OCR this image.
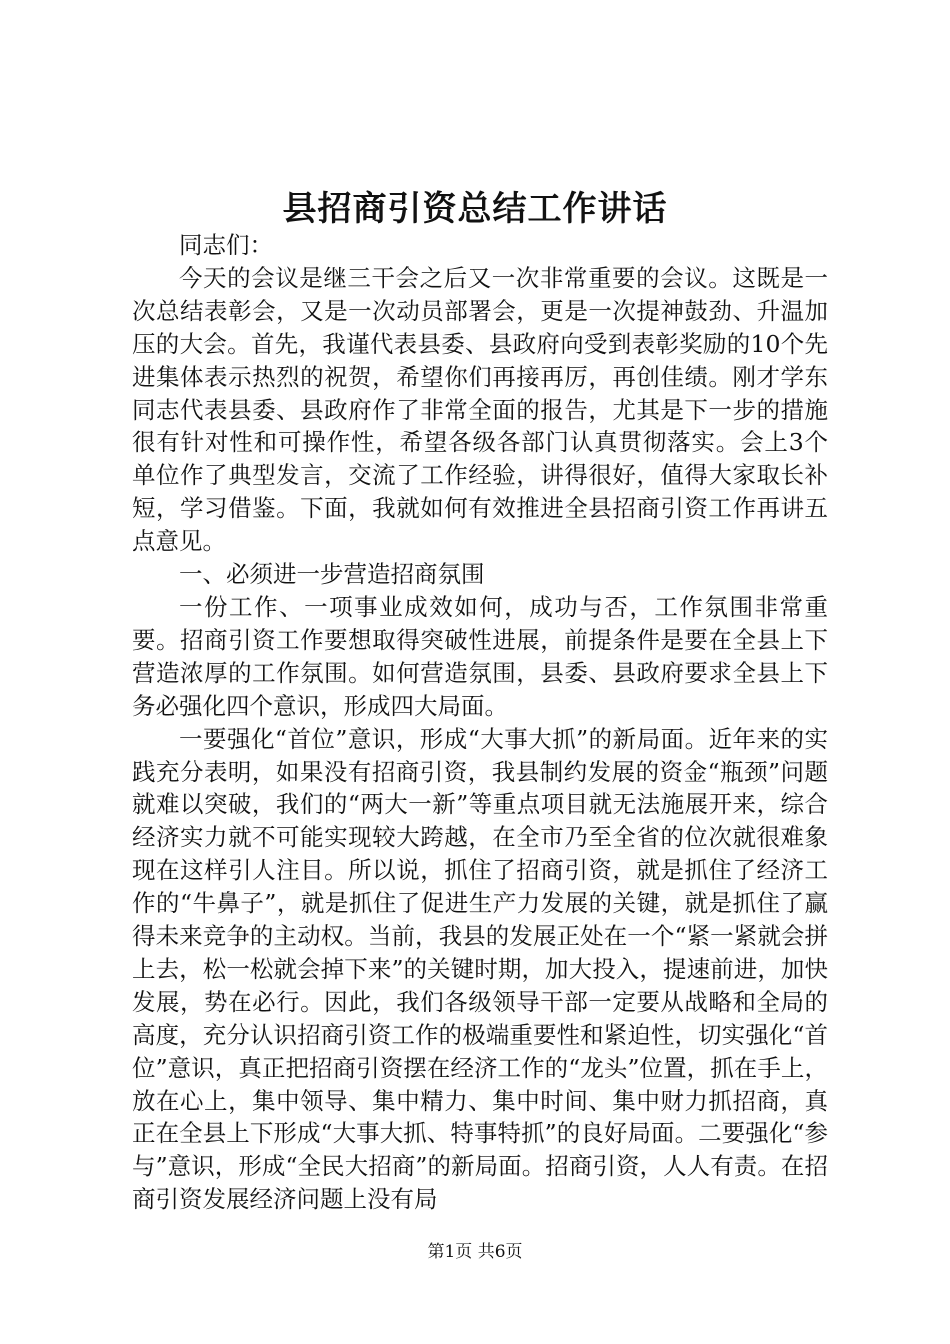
县招商引资总结工作讲话

同志们：

今天的会议是继三干会之后又一次非常重要的会议。这既是一次总结表彰会，又是一次动员部署会，更是一次提神鼓劲、升温加压的大会。首先，我谨代表县委、县政府向受到表彰奖励的10个先进集体表示热烈的祝贺，希望你们再接再厉，再创佳绩。刚才学东同志代表县委、县政府作了非常全面的报告，尤其是下一步的措施很有针对性和可操作性，希望各级各部门认真贯彻落实。会上3个单位作了典型发言，交流了工作经验，讲得很好，值得大家取长补短，学习借鉴。下面，我就如何有效推进全县招商引资工作再讲五点意见。

一、必须进一步营造招商氛围

一份工作、一项事业成效如何，成功与否，工作氛围非常重要。招商引资工作要想取得突破性进展，前提条件是要在全县上下营造浓厚的工作氛围。如何营造氛围，县委、县政府要求全县上下务必强化四个意识，形成四大局面。

一要强化“首位”意识，形成“大事大抓”的新局面。近年来的实践充分表明，如果没有招商引资，我县制约发展的资金“瓶颈”问题就难以突破，我们的“两大一新”等重点项目就无法施展开来，综合经济实力就不可能实现较大跨越，在全市乃至全省的位次就很难象现在这样引人注目。所以说，抓住了招商引资，就是抓住了经济工作的“牛鼻子”，就是抓住了促进生产力发展的关键，就是抓住了赢得未来竞争的主动权。当前，我县的发展正处在一个“紧一紧就会拼上去，松一松就会掉下来”的关键时期，加大投入，提速前进，加快发展，势在必行。因此，我们各级领导干部一定要从战略和全局的高度，充分认识招商引资工作的极端重要性和紧迫性，切实强化“首位”意识，真正把招商引资摆在经济工作的“龙头”位置，抓在手上，放在心上，集中领导、集中精力、集中时间、集中财力抓招商，真正在全县上下形成“大事大抓、特事特抓”的良好局面。二要强化“参与”意识，形成“全民大招商”的新局面。招商引资，人人有责。在招商引资发展经济问题上没有局

第1页 共6页
